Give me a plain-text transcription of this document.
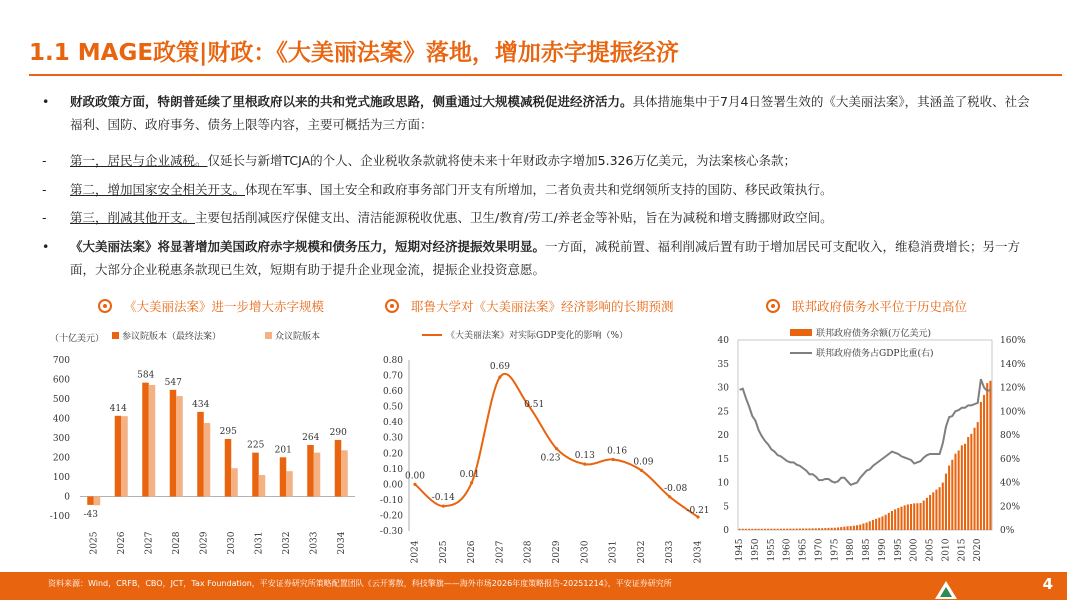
1.1 MAGE政策|财政：《大美丽法案》落地，增加赤字提振经济
• 财政政策方面，特朗普延续了里根政府以来的共和党式施政思路，侧重通过大规模减税促进经济活力。具体措施集中于7月4日签署生效的《大美丽法案》，其涵盖了税收、社会福利、国防、政府事务、债务上限等内容，主要可概括为三方面：
- 第一，居民与企业减税。仅延长与新增TCJA的个人、企业税收条款就将使未来十年财政赤字增加5.326万亿美元，为法案核心条款；
- 第二，增加国家安全相关开支。体现在军事、国土安全和政府事务部门开支有所增加，二者负责共和党纲领所支持的国防、移民政策执行。
- 第三，削减其他开支。主要包括削减医疗保健支出、清洁能源税收优惠、卫生/教育/劳工/养老金等补贴，旨在为减税和增支腾挪财政空间。
• 《大美丽法案》将显著增加美国政府赤字规模和债务压力，短期对经济提振效果明显。一方面，减税前置、福利削减后置有助于增加居民可支配收入，维稳消费增长；另一方面，大部分企业税惠条款现已生效，短期有助于提升企业现金流，提振企业投资意愿。
《大美丽法案》进一步增大赤字规模	耶鲁大学对《大美丽法案》经济影响的长期预测	联邦政府债务水平位于历史高位
（十亿美元） 参议院版本（最终法案）	众议院版本
-100
0
100
200
300
400
500
600
700
-43
2025
414
2026
584
2027
547
2028
434
2029
295
2030
225
2031
201
2032
264
2033
290
2034
《大美丽法案》对实际GDP变化的影响（%）
0.80
0.70
0.60
0.50
0.40
0.30
0.20
0.10
0.00
-0.10
-0.20
-0.30
0.00
2024
-0.14
2025
0.01
2026
0.69
2027
0.51
2028
0.23
2029
0.13
2030
0.16
2031
0.09
2032
-0.08
2033
-0.21
2034
联邦政府债务余额(万亿美元)
联邦政府债务占GDP比重(右)
0
5
10
15
20
25
30
35
40
0%
20%
40%
60%
80%
100%
120%
140%
160%
1945 1950 1955 1960 1965 1970 1975 1980 1985 1990 1995 2000 2005 2010 2015 2020
资料来源：Wind，CRFB，CBO，JCT，Tax Foundation，平安证券研究所策略配置团队《云开雾散，科技擎旗——海外市场2026年度策略报告-20251214》，平安证券研究所	4
